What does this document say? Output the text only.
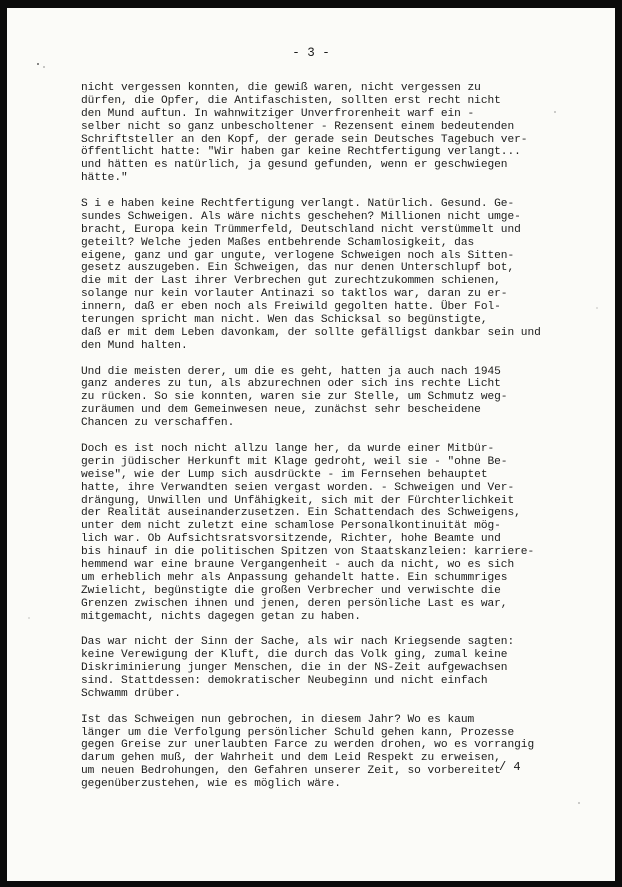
- 3 -
nicht vergessen konnten, die gewiß waren, nicht vergessen zu
dürfen, die Opfer, die Antifaschisten, sollten erst recht nicht
den Mund auftun. In wahnwitziger Unverfrorenheit warf ein -
selber nicht so ganz unbescholtener - Rezensent einem bedeutenden
Schriftsteller an den Kopf, der gerade sein Deutsches Tagebuch ver-
öffentlicht hatte: "Wir haben gar keine Rechtfertigung verlangt...
und hätten es natürlich, ja gesund gefunden, wenn er geschwiegen
hätte."
S i e haben keine Rechtfertigung verlangt. Natürlich. Gesund. Ge-
sundes Schweigen. Als wäre nichts geschehen? Millionen nicht umge-
bracht, Europa kein Trümmerfeld, Deutschland nicht verstümmelt und
geteilt? Welche jeden Maßes entbehrende Schamlosigkeit, das
eigene, ganz und gar ungute, verlogene Schweigen noch als Sitten-
gesetz auszugeben. Ein Schweigen, das nur denen Unterschlupf bot,
die mit der Last ihrer Verbrechen gut zurechtzukommen schienen,
solange nur kein vorlauter Antinazi so taktlos war, daran zu er-
innern, daß er eben noch als Freiwild gegolten hatte. Über Fol-
terungen spricht man nicht. Wen das Schicksal so begünstigte,
daß er mit dem Leben davonkam, der sollte gefälligst dankbar sein und
den Mund halten.
Und die meisten derer, um die es geht, hatten ja auch nach 1945
ganz anderes zu tun, als abzurechnen oder sich ins rechte Licht
zu rücken. So sie konnten, waren sie zur Stelle, um Schmutz weg-
zuräumen und dem Gemeinwesen neue, zunächst sehr bescheidene
Chancen zu verschaffen.
Doch es ist noch nicht allzu lange her, da wurde einer Mitbür-
gerin jüdischer Herkunft mit Klage gedroht, weil sie - "ohne Be-
weise", wie der Lump sich ausdrückte - im Fernsehen behauptet
hatte, ihre Verwandten seien vergast worden. - Schweigen und Ver-
drängung, Unwillen und Unfähigkeit, sich mit der Fürchterlichkeit
der Realität auseinanderzusetzen. Ein Schattendach des Schweigens,
unter dem nicht zuletzt eine schamlose Personalkontinuität mög-
lich war. Ob Aufsichtsratsvorsitzende, Richter, hohe Beamte und
bis hinauf in die politischen Spitzen von Staatskanzleien: karriere-
hemmend war eine braune Vergangenheit - auch da nicht, wo es sich
um erheblich mehr als Anpassung gehandelt hatte. Ein schummriges
Zwielicht, begünstigte die großen Verbrecher und verwischte die
Grenzen zwischen ihnen und jenen, deren persönliche Last es war,
mitgemacht, nichts dagegen getan zu haben.
Das war nicht der Sinn der Sache, als wir nach Kriegsende sagten:
keine Verewigung der Kluft, die durch das Volk ging, zumal keine
Diskriminierung junger Menschen, die in der NS-Zeit aufgewachsen
sind. Stattdessen: demokratischer Neubeginn und nicht einfach
Schwamm drüber.
Ist das Schweigen nun gebrochen, in diesem Jahr? Wo es kaum
länger um die Verfolgung persönlicher Schuld gehen kann, Prozesse
gegen Greise zur unerlaubten Farce zu werden drohen, wo es vorrangig
darum gehen muß, der Wahrheit und dem Leid Respekt zu erweisen,
um neuen Bedrohungen, den Gefahren unserer Zeit, so vorbereitet
gegenüberzustehen, wie es möglich wäre.
/ 4
